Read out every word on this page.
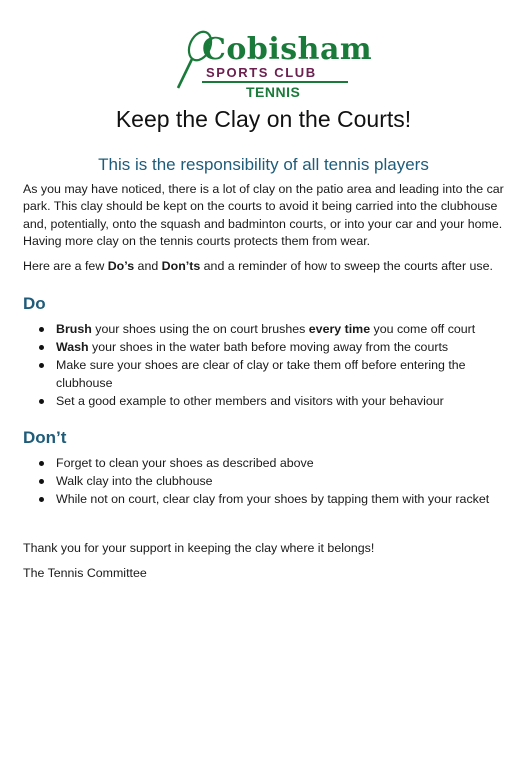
Cobisham
SPORTS CLUB
TENNIS
Keep the Clay on the Courts!
This is the responsibility of all tennis players

As you may have noticed, there is a lot of clay on the patio area and leading into the car park. This clay should be kept on the courts to avoid it being carried into the clubhouse and, potentially, onto the squash and badminton courts, or into your car and your home. Having more clay on the tennis courts protects them from wear.

Here are a few Do’s and Don’ts and a reminder of how to sweep the courts after use.

Do
Brush your shoes using the on court brushes every time you come off court
Wash your shoes in the water bath before moving away from the courts
Make sure your shoes are clear of clay or take them off before entering the clubhouse
Set a good example to other members and visitors with your behaviour
Don’t
Forget to clean your shoes as described above
Walk clay into the clubhouse
While not on court, clear clay from your shoes by tapping them with your racket

Thank you for your support in keeping the clay where it belongs!

The Tennis Committee
